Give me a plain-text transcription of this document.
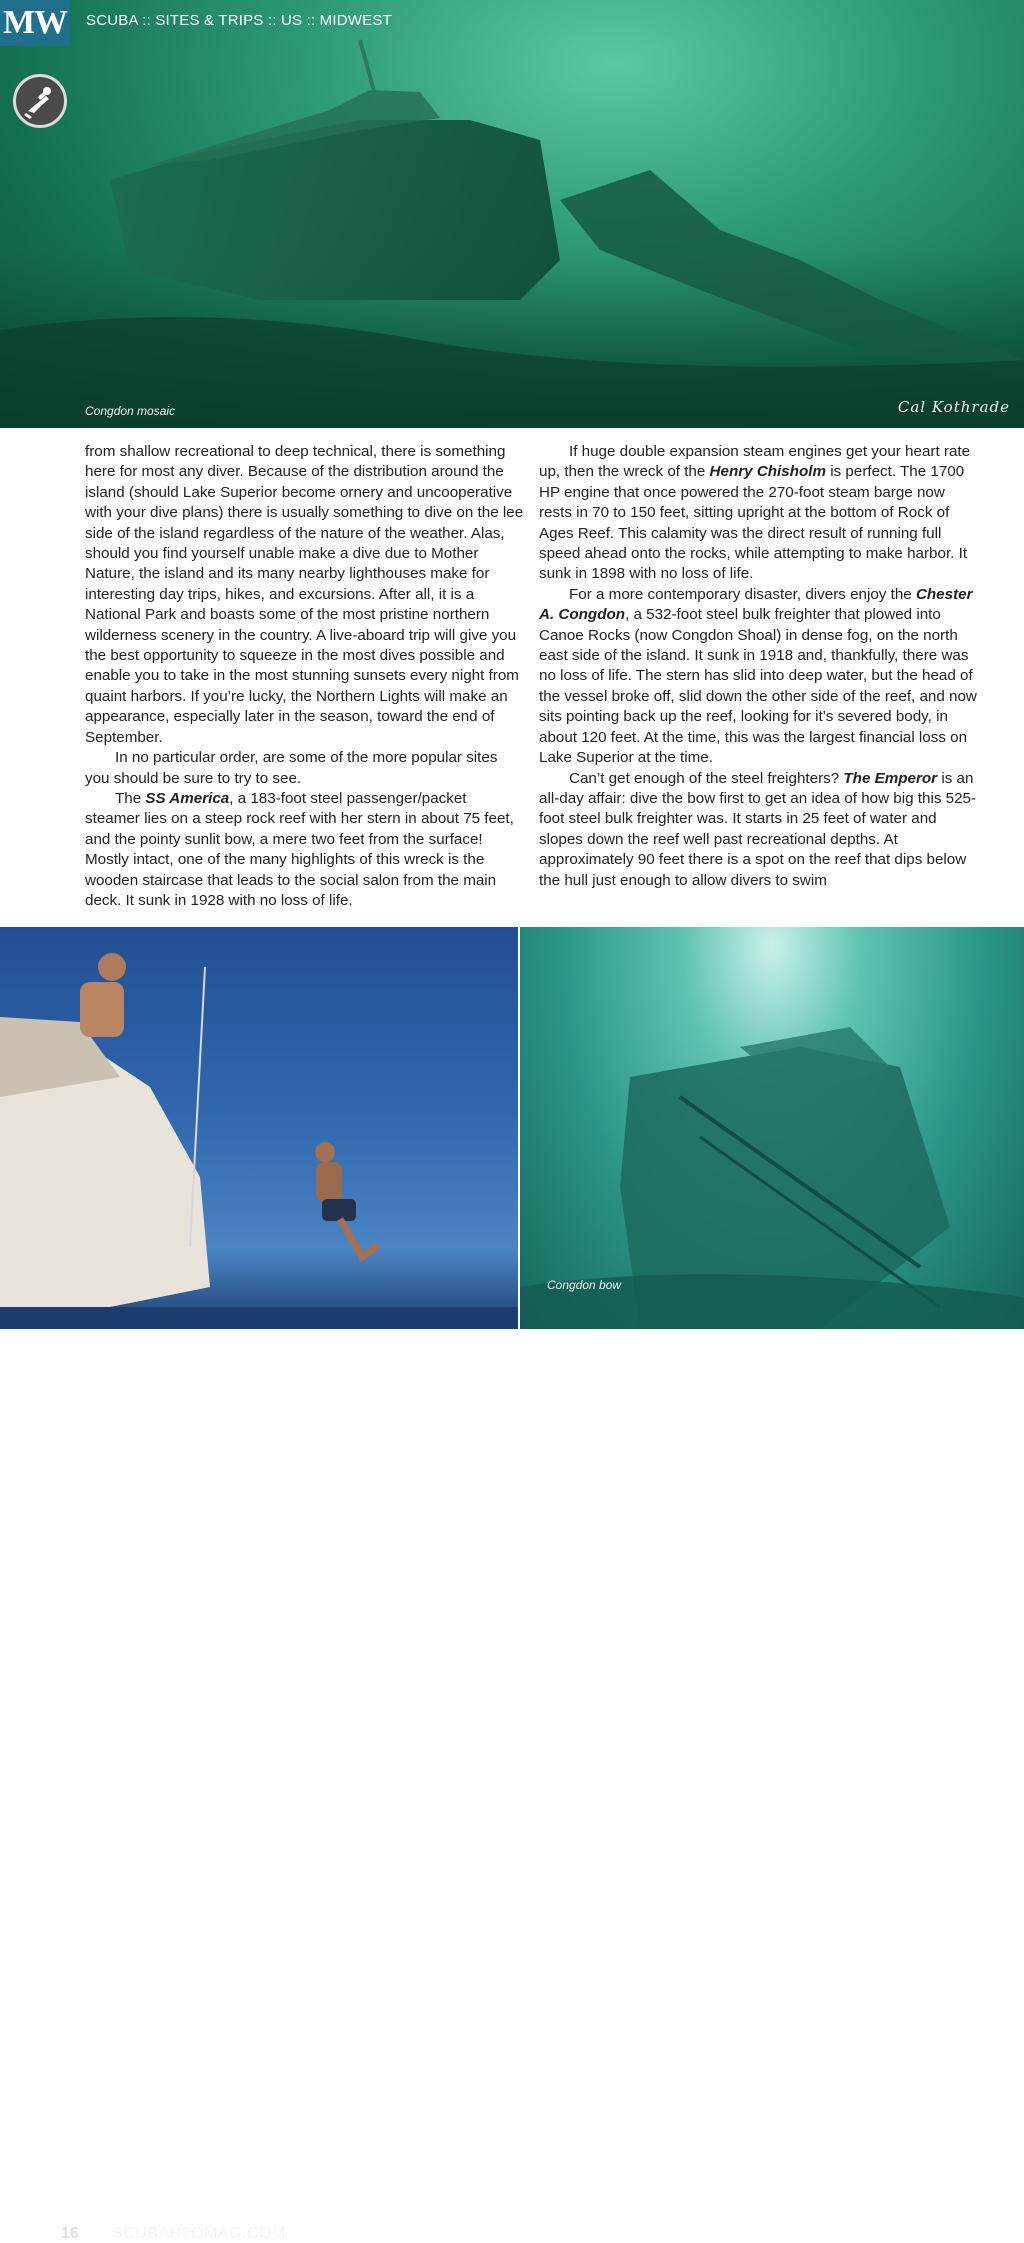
MW SCUBA :: SITES & TRIPS :: US :: MIDWEST
Congdon mosaic	Cal Kothrade

from shallow recreational to deep technical, there is something here for most any diver. Because of the distribution around the island (should Lake Superior become ornery and uncooperative with your dive plans) there is usually something to dive on the lee side of the island regardless of the nature of the weather. Alas, should you find yourself unable make a dive due to Mother Nature, the island and its many nearby lighthouses make for interesting day trips, hikes, and excursions. After all, it is a National Park and boasts some of the most pristine northern wilderness scenery in the country. A live-aboard trip will give you the best opportunity to squeeze in the most dives possible and enable you to take in the most stunning sunsets every night from quaint harbors. If you’re lucky, the Northern Lights will make an appearance, especially later in the season, toward the end of September.

In no particular order, are some of the more popular sites you should be sure to try to see.

The SS America, a 183-foot steel passenger/packet steamer lies on a steep rock reef with her stern in about 75 feet, and the pointy sunlit bow, a mere two feet from the surface! Mostly intact, one of the many highlights of this wreck is the wooden staircase that leads to the social salon from the main deck. It sunk in 1928 with no loss of life.

If huge double expansion steam engines get your heart rate up, then the wreck of the Henry Chisholm is perfect. The 1700 HP engine that once powered the 270-foot steam barge now rests in 70 to 150 feet, sitting upright at the bottom of Rock of Ages Reef. This calamity was the direct result of running full speed ahead onto the rocks, while attempting to make harbor. It sunk in 1898 with no loss of life.

For a more contemporary disaster, divers enjoy the Chester A. Congdon, a 532-foot steel bulk freighter that plowed into Canoe Rocks (now Congdon Shoal) in dense fog, on the north east side of the island. It sunk in 1918 and, thankfully, there was no loss of life. The stern has slid into deep water, but the head of the vessel broke off, slid down the other side of the reef, and now sits pointing back up the reef, looking for it’s severed body, in about 120 feet. At the time, this was the largest financial loss on Lake Superior at the time.

Can’t get enough of the steel freighters? The Emperor is an all-day affair: dive the bow first to get an idea of how big this 525-foot steel bulk freighter was. It starts in 25 feet of water and slopes down the reef well past recreational depths. At approximately 90 feet there is a spot on the reef that dips below the hull just enough to allow divers to swim

16 SCUBAH2OMAG.COM
Congdon bow
